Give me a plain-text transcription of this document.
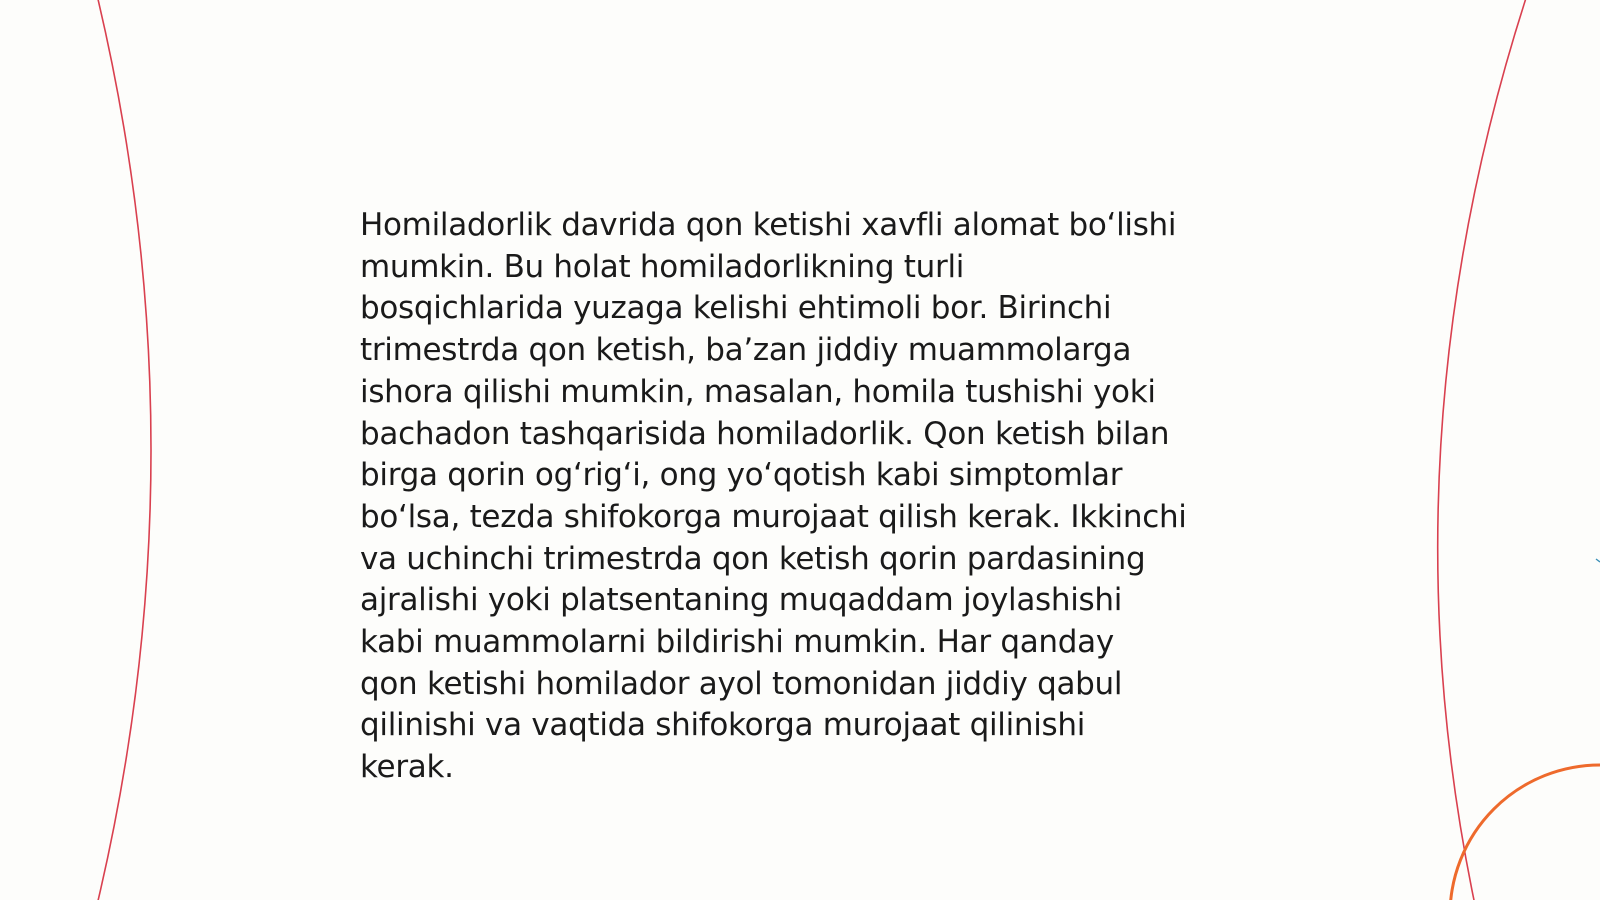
Homiladorlik davrida qon ketishi xavfli alomat boʻlishi
mumkin. Bu holat homiladorlikning turli
bosqichlarida yuzaga kelishi ehtimoli bor. Birinchi
trimestrda qon ketish, baʼzan jiddiy muammolarga
ishora qilishi mumkin, masalan, homila tushishi yoki
bachadon tashqarisida homiladorlik. Qon ketish bilan
birga qorin ogʻrigʻi, ong yoʻqotish kabi simptomlar
boʻlsa, tezda shifokorga murojaat qilish kerak. Ikkinchi
va uchinchi trimestrda qon ketish qorin pardasining
ajralishi yoki platsentaning muqaddam joylashishi
kabi muammolarni bildirishi mumkin. Har qanday
qon ketishi homilador ayol tomonidan jiddiy qabul
qilinishi va vaqtida shifokorga murojaat qilinishi
kerak.
